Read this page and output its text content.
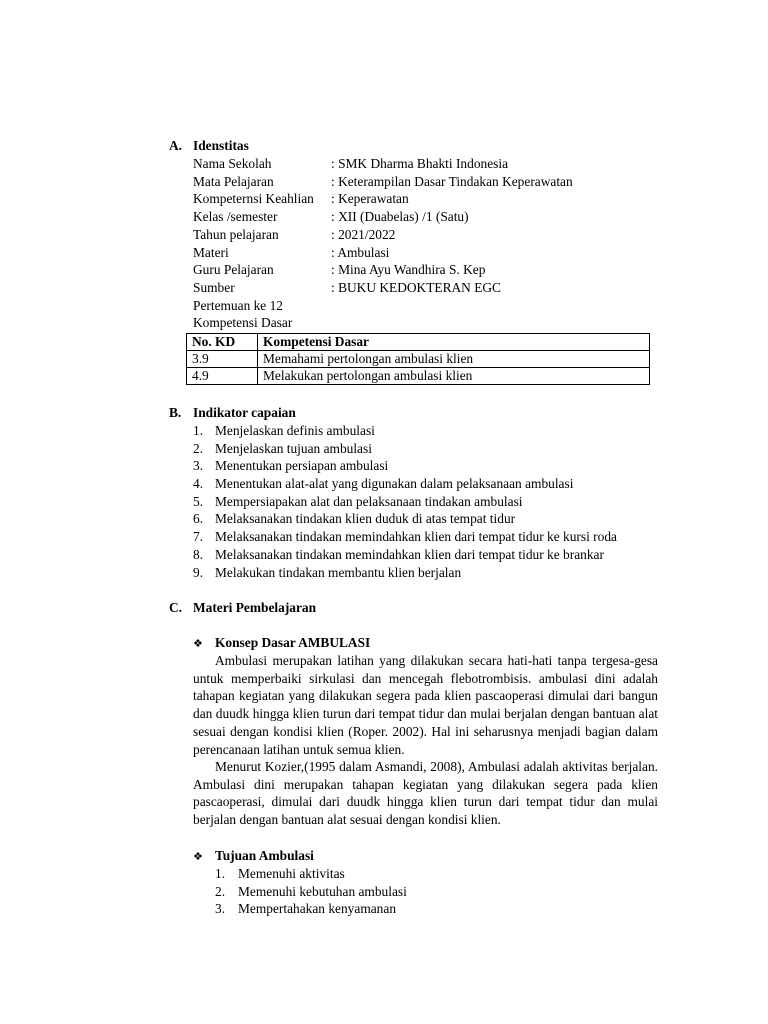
A. Idenstitas
Nama Sekolah	: SMK Dharma Bhakti Indonesia
Mata Pelajaran	: Keterampilan Dasar Tindakan Keperawatan
Kompeternsi Keahlian : Keperawatan
Kelas /semester	: XII (Duabelas) /1 (Satu)
Tahun pelajaran	: 2021/2022
Materi	: Ambulasi
Guru Pelajaran	: Mina Ayu Wandhira S. Kep
Sumber	: BUKU KEDOKTERAN EGC
Pertemuan ke 12
Kompetensi Dasar
No. KD	Kompetensi Dasar
3.9	Memahami pertolongan ambulasi klien
4.9	Melakukan pertolongan ambulasi klien
B. Indikator capaian
1. Menjelaskan definis ambulasi
2. Menjelaskan tujuan ambulasi
3. Menentukan persiapan ambulasi
4. Menentukan alat-alat yang digunakan dalam pelaksanaan ambulasi
5. Mempersiapakan alat dan pelaksanaan tindakan ambulasi
6. Melaksanakan tindakan klien duduk di atas tempat tidur
7. Melaksanakan tindakan memindahkan klien dari tempat tidur ke kursi roda
8. Melaksanakan tindakan memindahkan klien dari tempat tidur ke brankar
9. Melakukan tindakan membantu klien berjalan
C. Materi Pembelajaran
❖ Konsep Dasar AMBULASI
Ambulasi merupakan latihan yang dilakukan secara hati-hati tanpa tergesa-gesa untuk memperbaiki sirkulasi dan mencegah flebotrombisis. ambulasi dini adalah tahapan kegiatan yang dilakukan segera pada klien pascaoperasi dimulai dari bangun dan duudk hingga klien turun dari tempat tidur dan mulai berjalan dengan bantuan alat sesuai dengan kondisi klien (Roper. 2002). Hal ini seharusnya menjadi bagian dalam perencanaan latihan untuk semua klien.
Menurut Kozier,(1995 dalam Asmandi, 2008), Ambulasi adalah aktivitas berjalan. Ambulasi dini merupakan tahapan kegiatan yang dilakukan segera pada klien pascaoperasi, dimulai dari duudk hingga klien turun dari tempat tidur dan mulai berjalan dengan bantuan alat sesuai dengan kondisi klien.
❖ Tujuan Ambulasi
1. Memenuhi aktivitas
2. Memenuhi kebutuhan ambulasi
3. Mempertahakan kenyamanan
